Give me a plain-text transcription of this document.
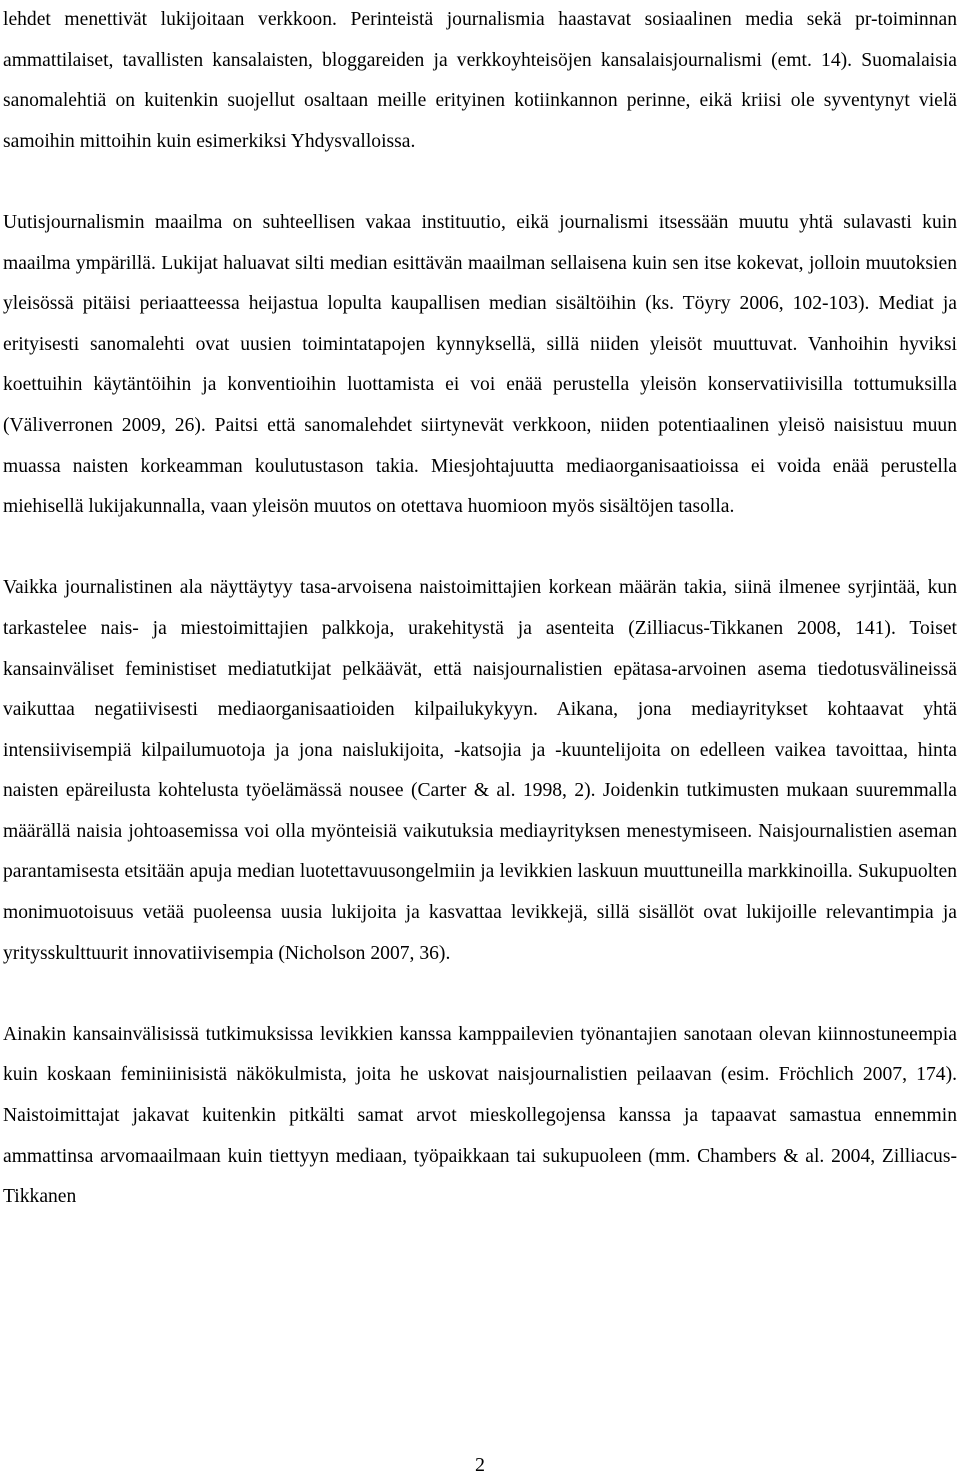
lehdet menettivät lukijoitaan verkkoon. Perinteistä journalismia haastavat sosiaalinen media sekä pr-toiminnan ammattilaiset, tavallisten kansalaisten, bloggareiden ja verkkoyhteisöjen kansalaisjournalismi (emt. 14). Suomalaisia sanomalehtiä on kuitenkin suojellut osaltaan meille erityinen kotiinkannon perinne, eikä kriisi ole syventynyt vielä samoihin mittoihin kuin esimerkiksi Yhdysvalloissa.

Uutisjournalismin maailma on suhteellisen vakaa instituutio, eikä journalismi itsessään muutu yhtä sulavasti kuin maailma ympärillä. Lukijat haluavat silti median esittävän maailman sellaisena kuin sen itse kokevat, jolloin muutoksien yleisössä pitäisi periaatteessa heijastua lopulta kaupallisen median sisältöihin (ks. Töyry 2006, 102-103). Mediat ja erityisesti sanomalehti ovat uusien toimintatapojen kynnyksellä, sillä niiden yleisöt muuttuvat. Vanhoihin hyviksi koettuihin käytäntöihin ja konventioihin luottamista ei voi enää perustella yleisön konservatiivisilla tottumuksilla (Väliverronen 2009, 26). Paitsi että sanomalehdet siirtynevät verkkoon, niiden potentiaalinen yleisö naisistuu muun muassa naisten korkeamman koulutustason takia. Miesjohtajuutta mediaorganisaatioissa ei voida enää perustella miehisellä lukijakunnalla, vaan yleisön muutos on otettava huomioon myös sisältöjen tasolla.

Vaikka journalistinen ala näyttäytyy tasa-arvoisena naistoimittajien korkean määrän takia, siinä ilmenee syrjintää, kun tarkastelee nais- ja miestoimittajien palkkoja, urakehitystä ja asenteita (Zilliacus-Tikkanen 2008, 141). Toiset kansainväliset feministiset mediatutkijat pelkäävät, että naisjournalistien epätasa-arvoinen asema tiedotusvälineissä vaikuttaa negatiivisesti mediaorganisaatioiden kilpailukykyyn. Aikana, jona mediayritykset kohtaavat yhtä intensiivisempiä kilpailumuotoja ja jona naislukijoita, -katsojia ja -kuuntelijoita on edelleen vaikea tavoittaa, hinta naisten epäreilusta kohtelusta työelämässä nousee (Carter & al. 1998, 2). Joidenkin tutkimusten mukaan suuremmalla määrällä naisia johtoasemissa voi olla myönteisiä vaikutuksia mediayrityksen menestymiseen. Naisjournalistien aseman parantamisesta etsitään apuja median luotettavuusongelmiin ja levikkien laskuun muuttuneilla markkinoilla. Sukupuolten monimuotoisuus vetää puoleensa uusia lukijoita ja kasvattaa levikkejä, sillä sisällöt ovat lukijoille relevantimpia ja yritysskulttuurit innovatiivisempia (Nicholson 2007, 36).

Ainakin kansainvälisissä tutkimuksissa levikkien kanssa kamppailevien työnantajien sanotaan olevan kiinnostuneempia kuin koskaan feminiinisistä näkökulmista, joita he uskovat naisjournalistien peilaavan (esim. Fröchlich 2007, 174). Naistoimittajat jakavat kuitenkin pitkälti samat arvot mieskollegojensa kanssa ja tapaavat samastua ennemmin ammattinsa arvomaailmaan kuin tiettyyn mediaan, työpaikkaan tai sukupuoleen (mm. Chambers & al. 2004, Zilliacus-Tikkanen

2
